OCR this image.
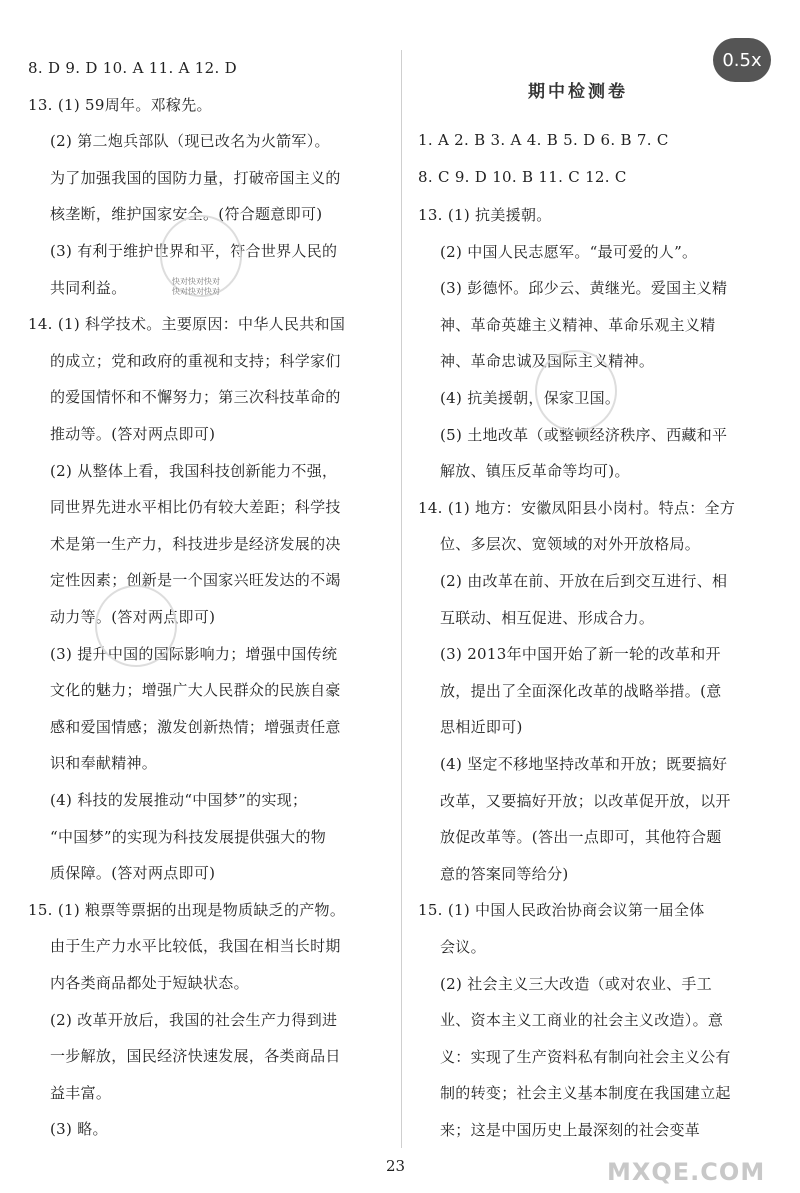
0.5x
8. D 9. D 10. A 11. A 12. D
13. (1) 59周年。邓稼先。
(2) 第二炮兵部队（现已改名为火箭军）。
为了加强我国的国防力量，打破帝国主义的
核垄断，维护国家安全。(符合题意即可)
(3) 有利于维护世界和平，符合世界人民的
共同利益。
14. (1) 科学技术。主要原因：中华人民共和国
的成立；党和政府的重视和支持；科学家们
的爱国情怀和不懈努力；第三次科技革命的
推动等。(答对两点即可)
(2) 从整体上看，我国科技创新能力不强，
同世界先进水平相比仍有较大差距；科学技
术是第一生产力，科技进步是经济发展的决
定性因素；创新是一个国家兴旺发达的不竭
动力等。(答对两点即可)
(3) 提升中国的国际影响力；增强中国传统
文化的魅力；增强广大人民群众的民族自豪
感和爱国情感；激发创新热情；增强责任意
识和奉献精神。
(4) 科技的发展推动“中国梦”的实现；
“中国梦”的实现为科技发展提供强大的物
质保障。(答对两点即可)
15. (1) 粮票等票据的出现是物质缺乏的产物。
由于生产力水平比较低，我国在相当长时期
内各类商品都处于短缺状态。
(2) 改革开放后，我国的社会生产力得到进
一步解放，国民经济快速发展，各类商品日
益丰富。
(3) 略。
期中检测卷
1. A 2. B 3. A 4. B 5. D 6. B 7. C
8. C 9. D 10. B 11. C 12. C
13. (1) 抗美援朝。
(2) 中国人民志愿军。“最可爱的人”。
(3) 彭德怀。邱少云、黄继光。爱国主义精
神、革命英雄主义精神、革命乐观主义精
神、革命忠诚及国际主义精神。
(4) 抗美援朝，保家卫国。
(5) 土地改革（或整顿经济秩序、西藏和平
解放、镇压反革命等均可)。
14. (1) 地方：安徽凤阳县小岗村。特点：全方
位、多层次、宽领域的对外开放格局。
(2) 由改革在前、开放在后到交互进行、相
互联动、相互促进、形成合力。
(3) 2013年中国开始了新一轮的改革和开
放，提出了全面深化改革的战略举措。(意
思相近即可)
(4) 坚定不移地坚持改革和开放；既要搞好
改革，又要搞好开放；以改革促开放，以开
放促改革等。(答出一点即可，其他符合题
意的答案同等给分)
15. (1) 中国人民政治协商会议第一届全体
会议。
(2) 社会主义三大改造（或对农业、手工
业、资本主义工商业的社会主义改造）。意
义：实现了生产资料私有制向社会主义公有
制的转变；社会主义基本制度在我国建立起
来；这是中国历史上最深刻的社会变革
快对快对快对
快对快对快对
23	MXQE.COM
